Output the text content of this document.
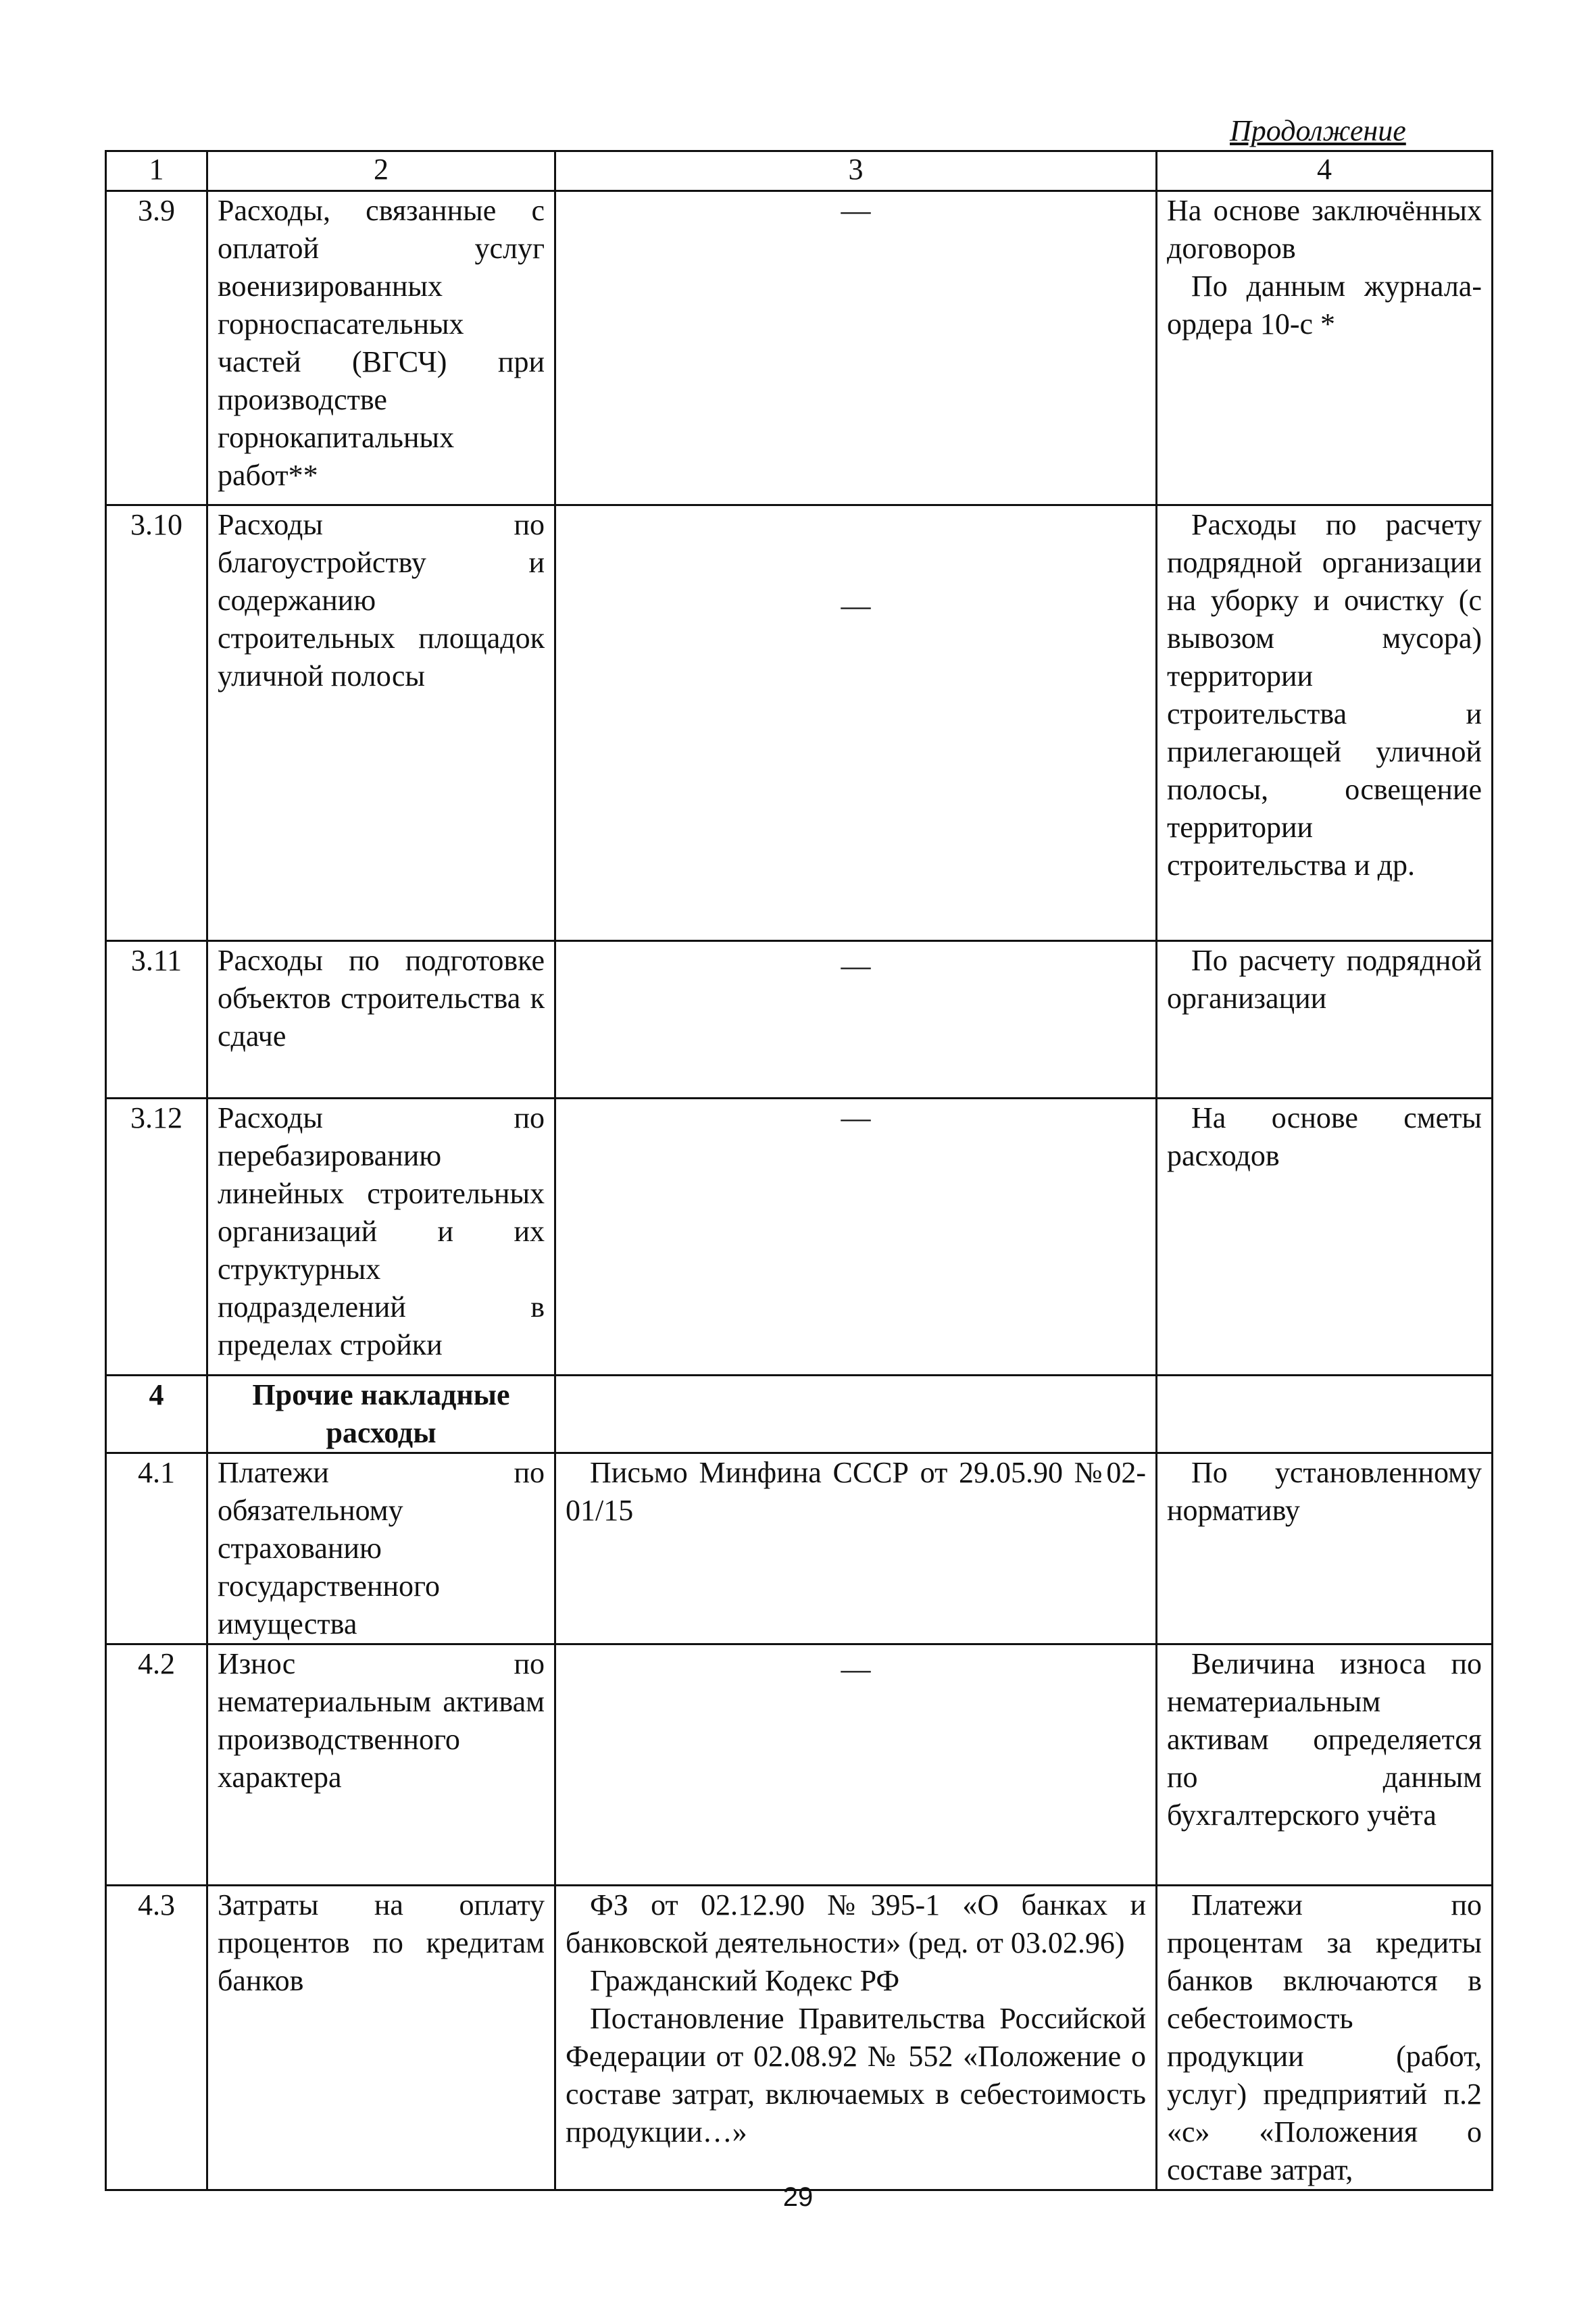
Продолжение
1	2	3	4
3.9	Расходы, связанные с оплатой услуг военизированных горноспасательных частей (ВГСЧ) при производстве горнокапитальных работ**	—	На основе заключённых договоров
По данным журнала-ордера 10-с *

3.10	Расходы по благоустройству и содержанию строительных площадок уличной полосы	—	Расходы по расчету подрядной организации на уборку и очистку (с вывозом мусора) территории строительства и прилегающей уличной полосы, освещение территории строительства и др.

3.11	Расходы по подготовке объектов строительства к сдаче	—	По расчету подрядной организации

3.12	Расходы по перебазированию линейных строительных организаций и их структурных подразделений в пределах стройки	—	На основе сметы расходов

4	Прочие накладные расходы		
4.1	Платежи по обязательному страхованию государственного имущества	Письмо Минфина СССР от 29.05.90 №02-01/15	По установленному нормативу

4.2	Износ по нематериальным активам производственного характера	—	Величина износа по нематериальным активам определяется по данным бухгалтерского учёта

4.3	Затраты на оплату процентов по кредитам банков	ФЗ от 02.12.90 №395-1 «О банках и банковской деятельности» (ред. от 03.02.96)
Гражданский Кодекс РФ
Постановление Правительства Российской Федерации от 02.08.92 № 552 «Положение о составе затрат, включаемых в себестоимость продукции…»	Платежи по процентам за кредиты банков включаются в себестоимость продукции (работ, услуг) предприятий п.2 «с» «Положения о составе затрат,
29
